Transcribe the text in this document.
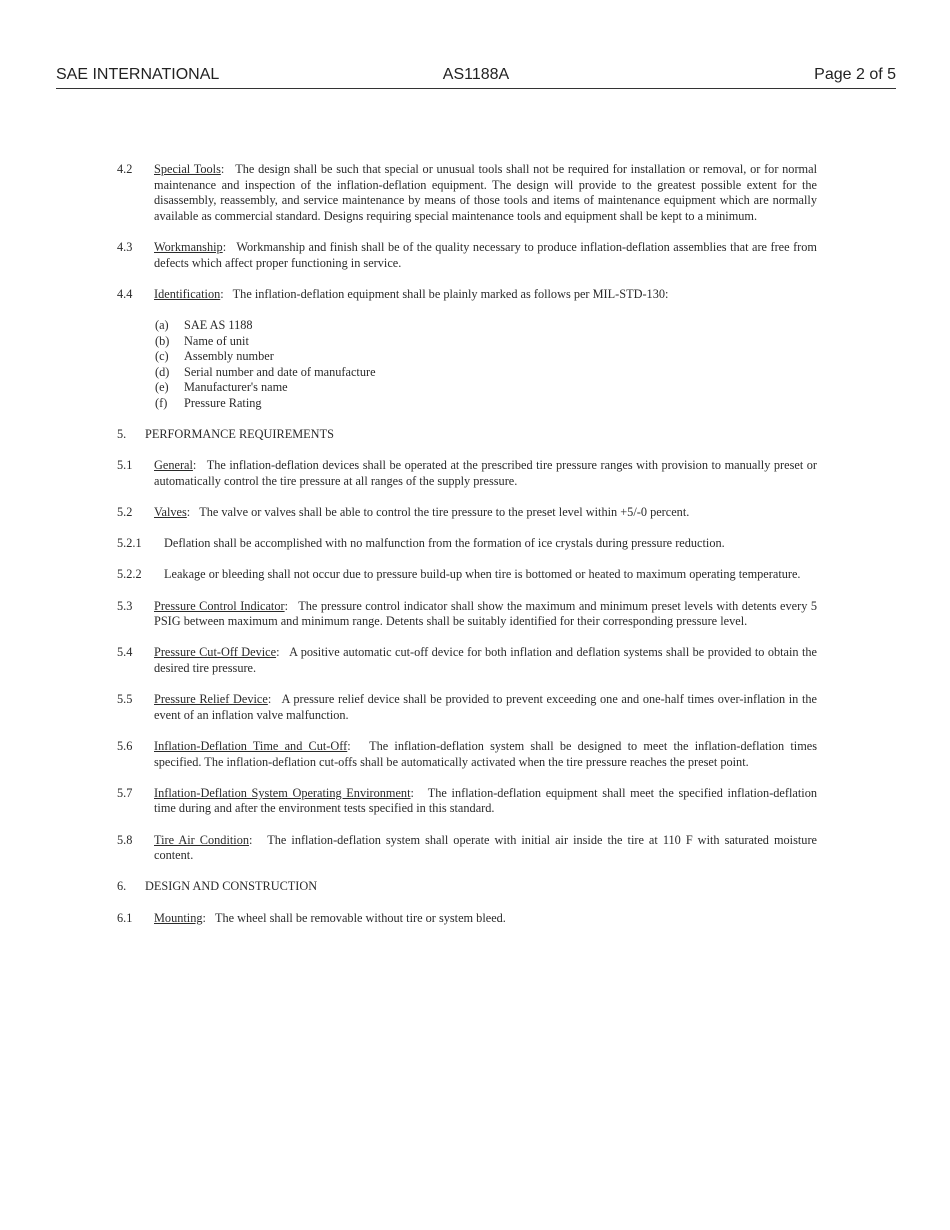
SAE INTERNATIONAL	AS1188A	Page 2 of 5
4.2	Special Tools:   The design shall be such that special or unusual tools shall not be required for installation or removal, or for normal maintenance and inspection of the inflation-deflation equipment. The design will provide to the greatest possible extent for the disassembly, reassembly, and service maintenance by means of those tools and items of maintenance equipment which are normally available as commercial standard. Designs requiring special maintenance tools and equipment shall be kept to a minimum.
4.3	Workmanship:   Workmanship and finish shall be of the quality necessary to produce inflation-deflation assemblies that are free from defects which affect proper functioning in service.
4.4	Identification:   The inflation-deflation equipment shall be plainly marked as follows per MIL-STD-130:
(a)	SAE AS 1188
(b)	Name of unit
(c)	Assembly number
(d)	Serial number and date of manufacture
(e)	Manufacturer's name
(f)	Pressure Rating
5.	PERFORMANCE REQUIREMENTS
5.1	General:   The inflation-deflation devices shall be operated at the prescribed tire pressure ranges with provision to manually preset or automatically control the tire pressure at all ranges of the supply pressure.
5.2	Valves:   The valve or valves shall be able to control the tire pressure to the preset level within +5/-0 percent.
5.2.1	Deflation shall be accomplished with no malfunction from the formation of ice crystals during pressure reduction.
5.2.2	Leakage or bleeding shall not occur due to pressure build-up when tire is bottomed or heated to maximum operating temperature.
5.3	Pressure Control Indicator:   The pressure control indicator shall show the maximum and minimum preset levels with detents every 5 PSIG between maximum and minimum range. Detents shall be suitably identified for their corresponding pressure level.
5.4	Pressure Cut-Off Device:   A positive automatic cut-off device for both inflation and deflation systems shall be provided to obtain the desired tire pressure.
5.5	Pressure Relief Device:   A pressure relief device shall be provided to prevent exceeding one and one-half times over-inflation in the event of an inflation valve malfunction.
5.6	Inflation-Deflation Time and Cut-Off:   The inflation-deflation system shall be designed to meet the inflation-deflation times specified. The inflation-deflation cut-offs shall be automatically activated when the tire pressure reaches the preset point.
5.7	Inflation-Deflation System Operating Environment:   The inflation-deflation equipment shall meet the specified inflation-deflation time during and after the environment tests specified in this standard.
5.8	Tire Air Condition:   The inflation-deflation system shall operate with initial air inside the tire at 110 F with saturated moisture content.
6.	DESIGN AND CONSTRUCTION
6.1	Mounting:   The wheel shall be removable without tire or system bleed.
